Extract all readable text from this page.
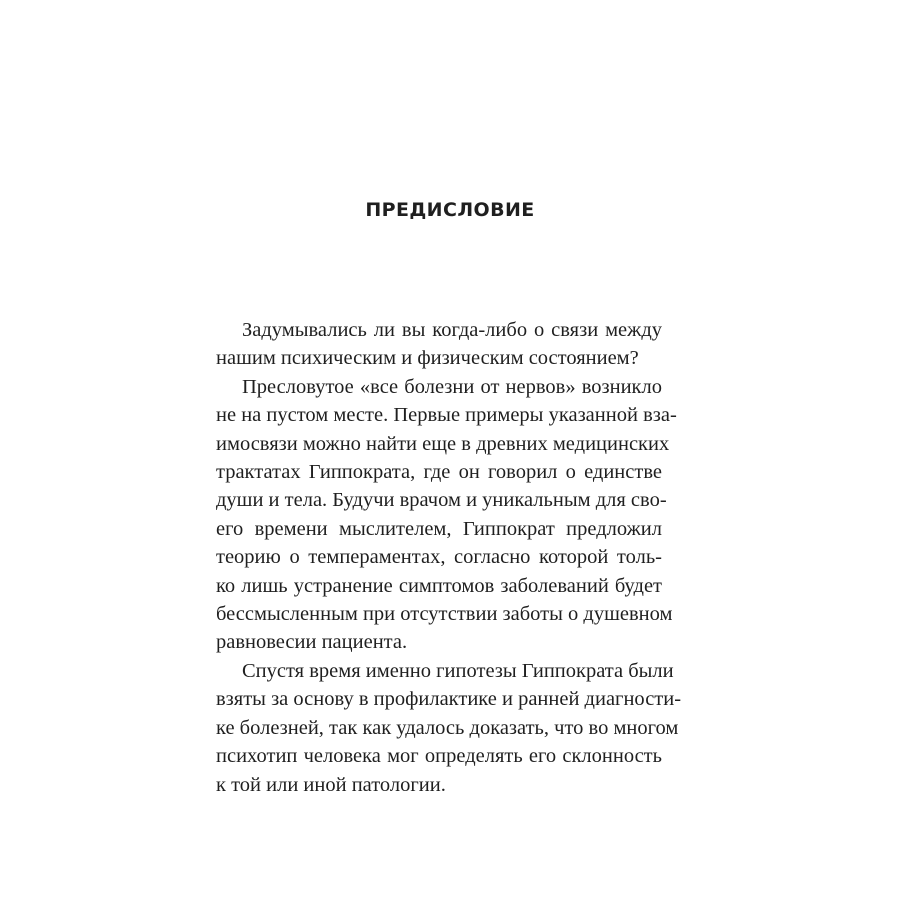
ПРЕДИСЛОВИЕ
Задумывались ли вы когда-либо о связи между
нашим психическим и физическим состоянием?
Пресловутое «все болезни от нервов» возникло
не на пустом месте. Первые примеры указанной вза-
имосвязи можно найти еще в древних медицинских
трактатах Гиппократа, где он говорил о единстве
души и тела. Будучи врачом и уникальным для сво-
его времени мыслителем, Гиппократ предложил
теорию о темпераментах, согласно которой толь-
ко лишь устранение симптомов заболеваний будет
бессмысленным при отсутствии заботы о душевном
равновесии пациента.
Спустя время именно гипотезы Гиппократа были
взяты за основу в профилактике и ранней диагности-
ке болезней, так как удалось доказать, что во многом
психотип человека мог определять его склонность
к той или иной патологии.
